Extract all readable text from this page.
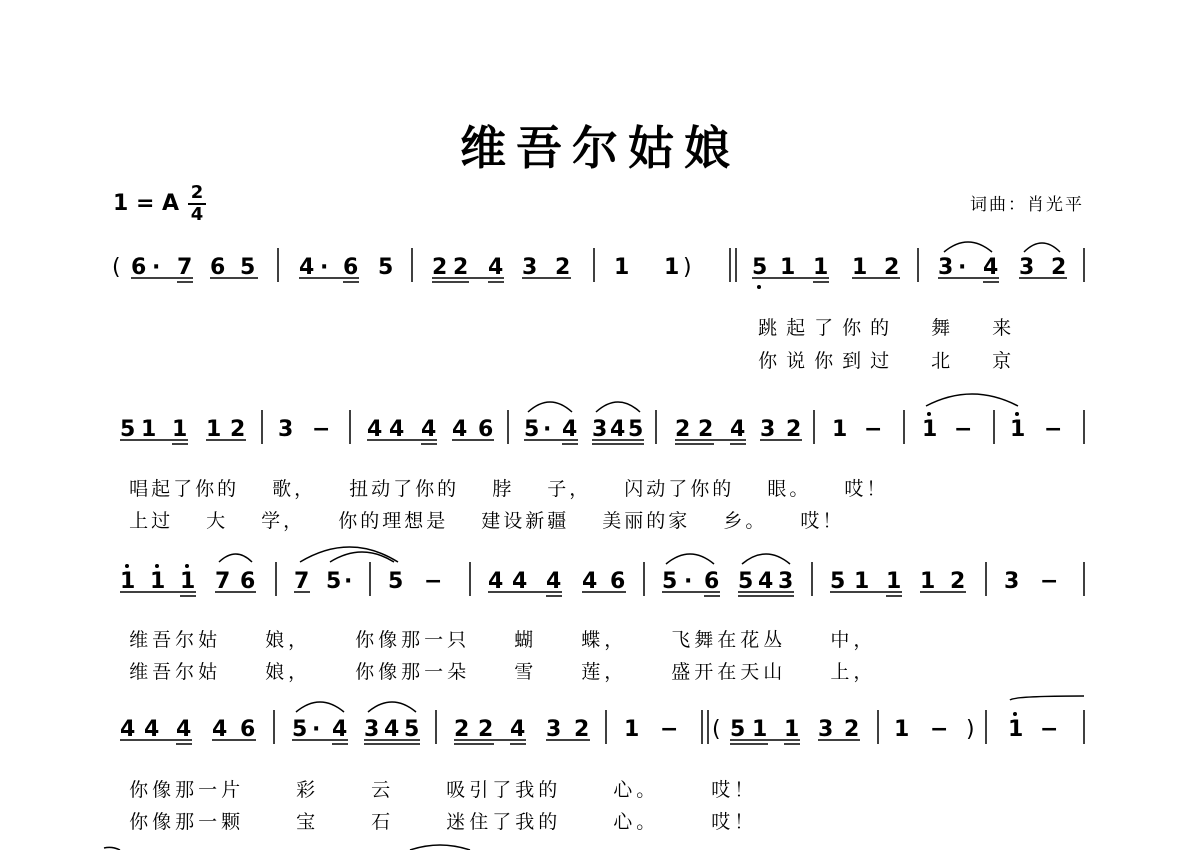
维吾尔姑娘
1 = A 2
4	词曲：肖光平
( 6 · 7 6 5 4 · 6 5 2 2 4 3 2 1 1 )	5 1 1 1 2 3 · 4 3 2
5 1 1 1 2 3 − 4 4 4 4 6 5 · 4 3 4 5 2 2 4 3 2 1 − 1 − 1 −
1 1 1 7 6 7 5 · 5 − 4 4 4 4 6 5 · 6 5 4 3 5 1 1 1 2 3 −
4 4 4 4 6 5 · 4 3 4 5 2 2 4 3 2 1 − ( 5 1 1 3 2 1 − ) 1 −

跳起了你的 舞 来

你说你到过 北 京

唱起了你的 歌， 扭动了你的 脖 子， 闪动了你的 眼。 哎！

上过 大 学， 你的理想是 建设新疆 美丽的家 乡。 哎！

维吾尔姑 娘， 你像那一只 蝴 蝶， 飞舞在花丛 中，

维吾尔姑 娘， 你像那一朵 雪 莲， 盛开在天山 上，

你像那一片 彩 云 吸引了我的 心。 哎！

你像那一颗 宝 石 迷住了我的 心。 哎！
